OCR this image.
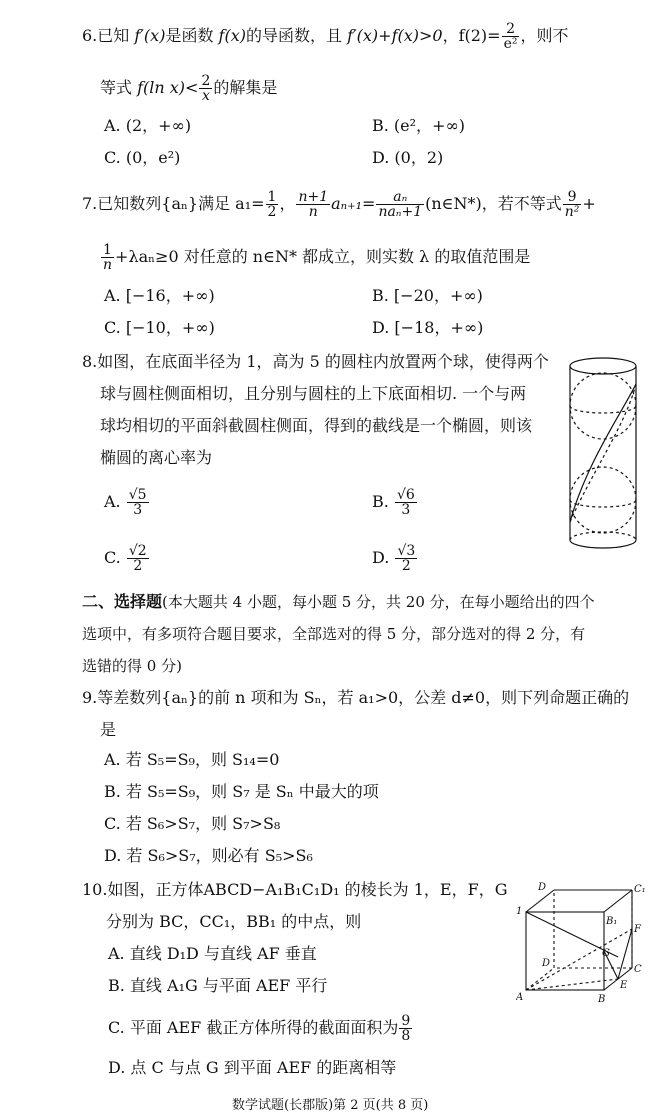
6.已知 f′(x)是函数 f(x)的导函数，且 f′(x)+f(x)>0，$f(2)= \frac{2}{\text{e²}}$ ，则不
等式 f(ln $x)< \frac{2}{x}$ 的解集是
A. (2，+∞)	B. (e²，+∞)
C. (0，e²)	D. (0，2)
7.已知数列{aₙ}满足 $a_1= \frac{1}{2}$ ， $\frac{n+1}{n} a_{n+1}=$	aₙ
naₙ+1 (n∈N*)，若不等式 $\frac{9}{\text{n²}}$ +
$\frac{1}{n} +\lambda a_n\ge 0$ 对任意的 n∈N* 都成立，则实数 λ 的取值范围是
A. [−16，+∞)	B. [−20，+∞)
C. [−10，+∞)	D. [−18，+∞)
8.如图，在底面半径为 1，高为 5 的圆柱内放置两个球，使得两个
球与圆柱侧面相切，且分别与圆柱的上下底面相切. 一个与两
球均相切的平面斜截圆柱侧面，得到的截线是一个椭圆，则该
椭圆的离心率为
A. $\frac{√5}{3}$	B. $\frac{√6}{3}$
C. $\frac{√2}{2}$	D. $\frac{√3}{2}$
二、选择题(本大题共 4 小题，每小题 5 分，共 20 分，在每小题给出的四个
选项中，有多项符合题目要求，全部选对的得 5 分，部分选对的得 2 分，有
选错的得 0 分)
9.等差数列{aₙ}的前 n 项和为 Sₙ，若 a₁>0，公差 d≠0，则下列命题正确的
是
A. 若 S₅=S₉，则 S₁₄=0
B. 若 S₅=S₉，则 S₇ 是 Sₙ 中最大的项
C. 若 S₆>S₇，则 S₇>S₈
D. 若 S₆>S₇，则必有 S₅>S₆
10.如图，正方体ABCD−A₁B₁C₁D₁ 的棱长为 1，E，F，G
分别为 BC，CC₁，BB₁ 的中点，则
A. 直线 D₁D 与直线 AF 垂直
B. 直线 A₁G 与平面 AEF 平行
C. 平面 AEF 截正方体所得的截面面积为 $\frac{9}{8}$
D. 点 C 与点 G 到平面 AEF 的距离相等
D	C₁
1
B₁
F
G
D
C
A	B
E
数学试题(长郡版)第 2 页(共 8 页)
